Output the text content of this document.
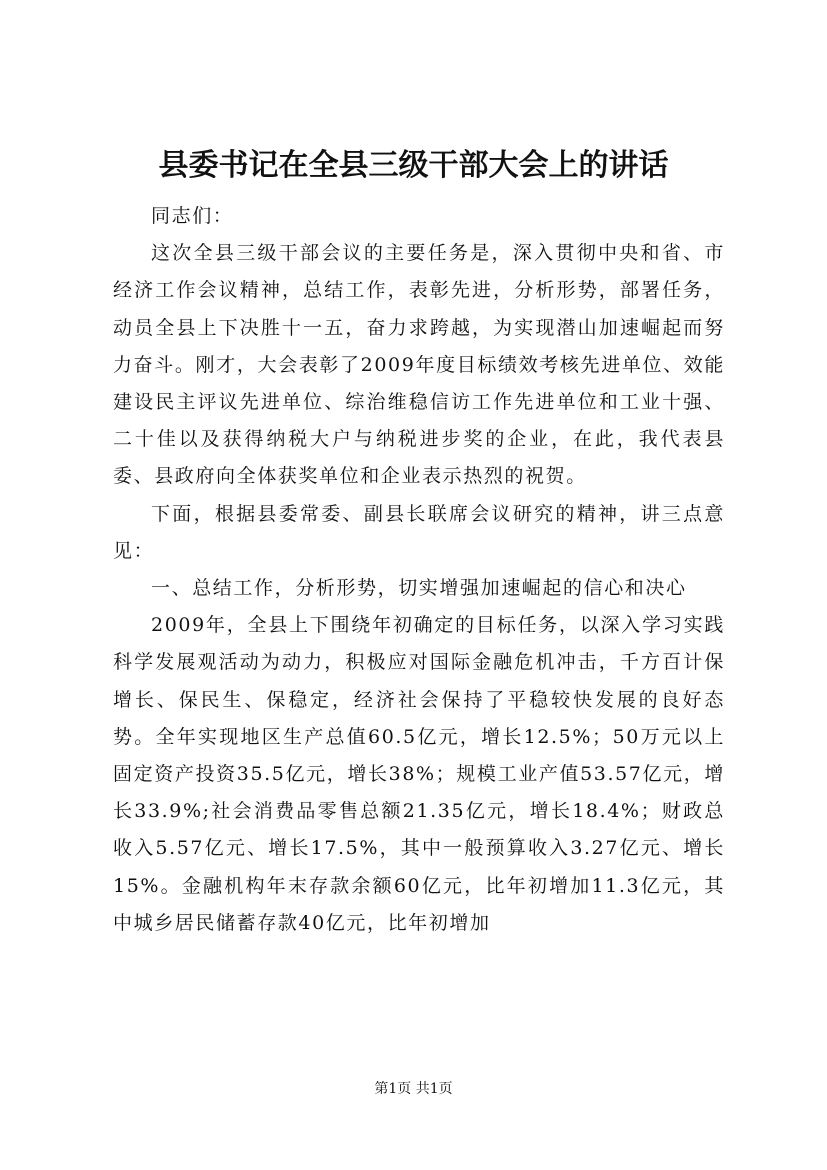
县委书记在全县三级干部大会上的讲话

同志们：

这次全县三级干部会议的主要任务是，深入贯彻中央和省、市经济工作会议精神，总结工作，表彰先进，分析形势，部署任务，动员全县上下决胜十一五，奋力求跨越，为实现潜山加速崛起而努力奋斗。刚才，大会表彰了2009年度目标绩效考核先进单位、效能建设民主评议先进单位、综治维稳信访工作先进单位和工业十强、二十佳以及获得纳税大户与纳税进步奖的企业，在此，我代表县委、县政府向全体获奖单位和企业表示热烈的祝贺。

下面，根据县委常委、副县长联席会议研究的精神，讲三点意见：

一、总结工作，分析形势，切实增强加速崛起的信心和决心

2009年，全县上下围绕年初确定的目标任务，以深入学习实践科学发展观活动为动力，积极应对国际金融危机冲击，千方百计保增长、保民生、保稳定，经济社会保持了平稳较快发展的良好态势。全年实现地区生产总值60.5亿元，增长12.5%；50万元以上固定资产投资35.5亿元，增长38%；规模工业产值53.57亿元，增长33.9%;社会消费品零售总额21.35亿元，增长18.4%；财政总收入5.57亿元、增长17.5%，其中一般预算收入3.27亿元、增长15%。金融机构年末存款余额60亿元，比年初增加11.3亿元，其中城乡居民储蓄存款40亿元，比年初增加

第1页 共1页
